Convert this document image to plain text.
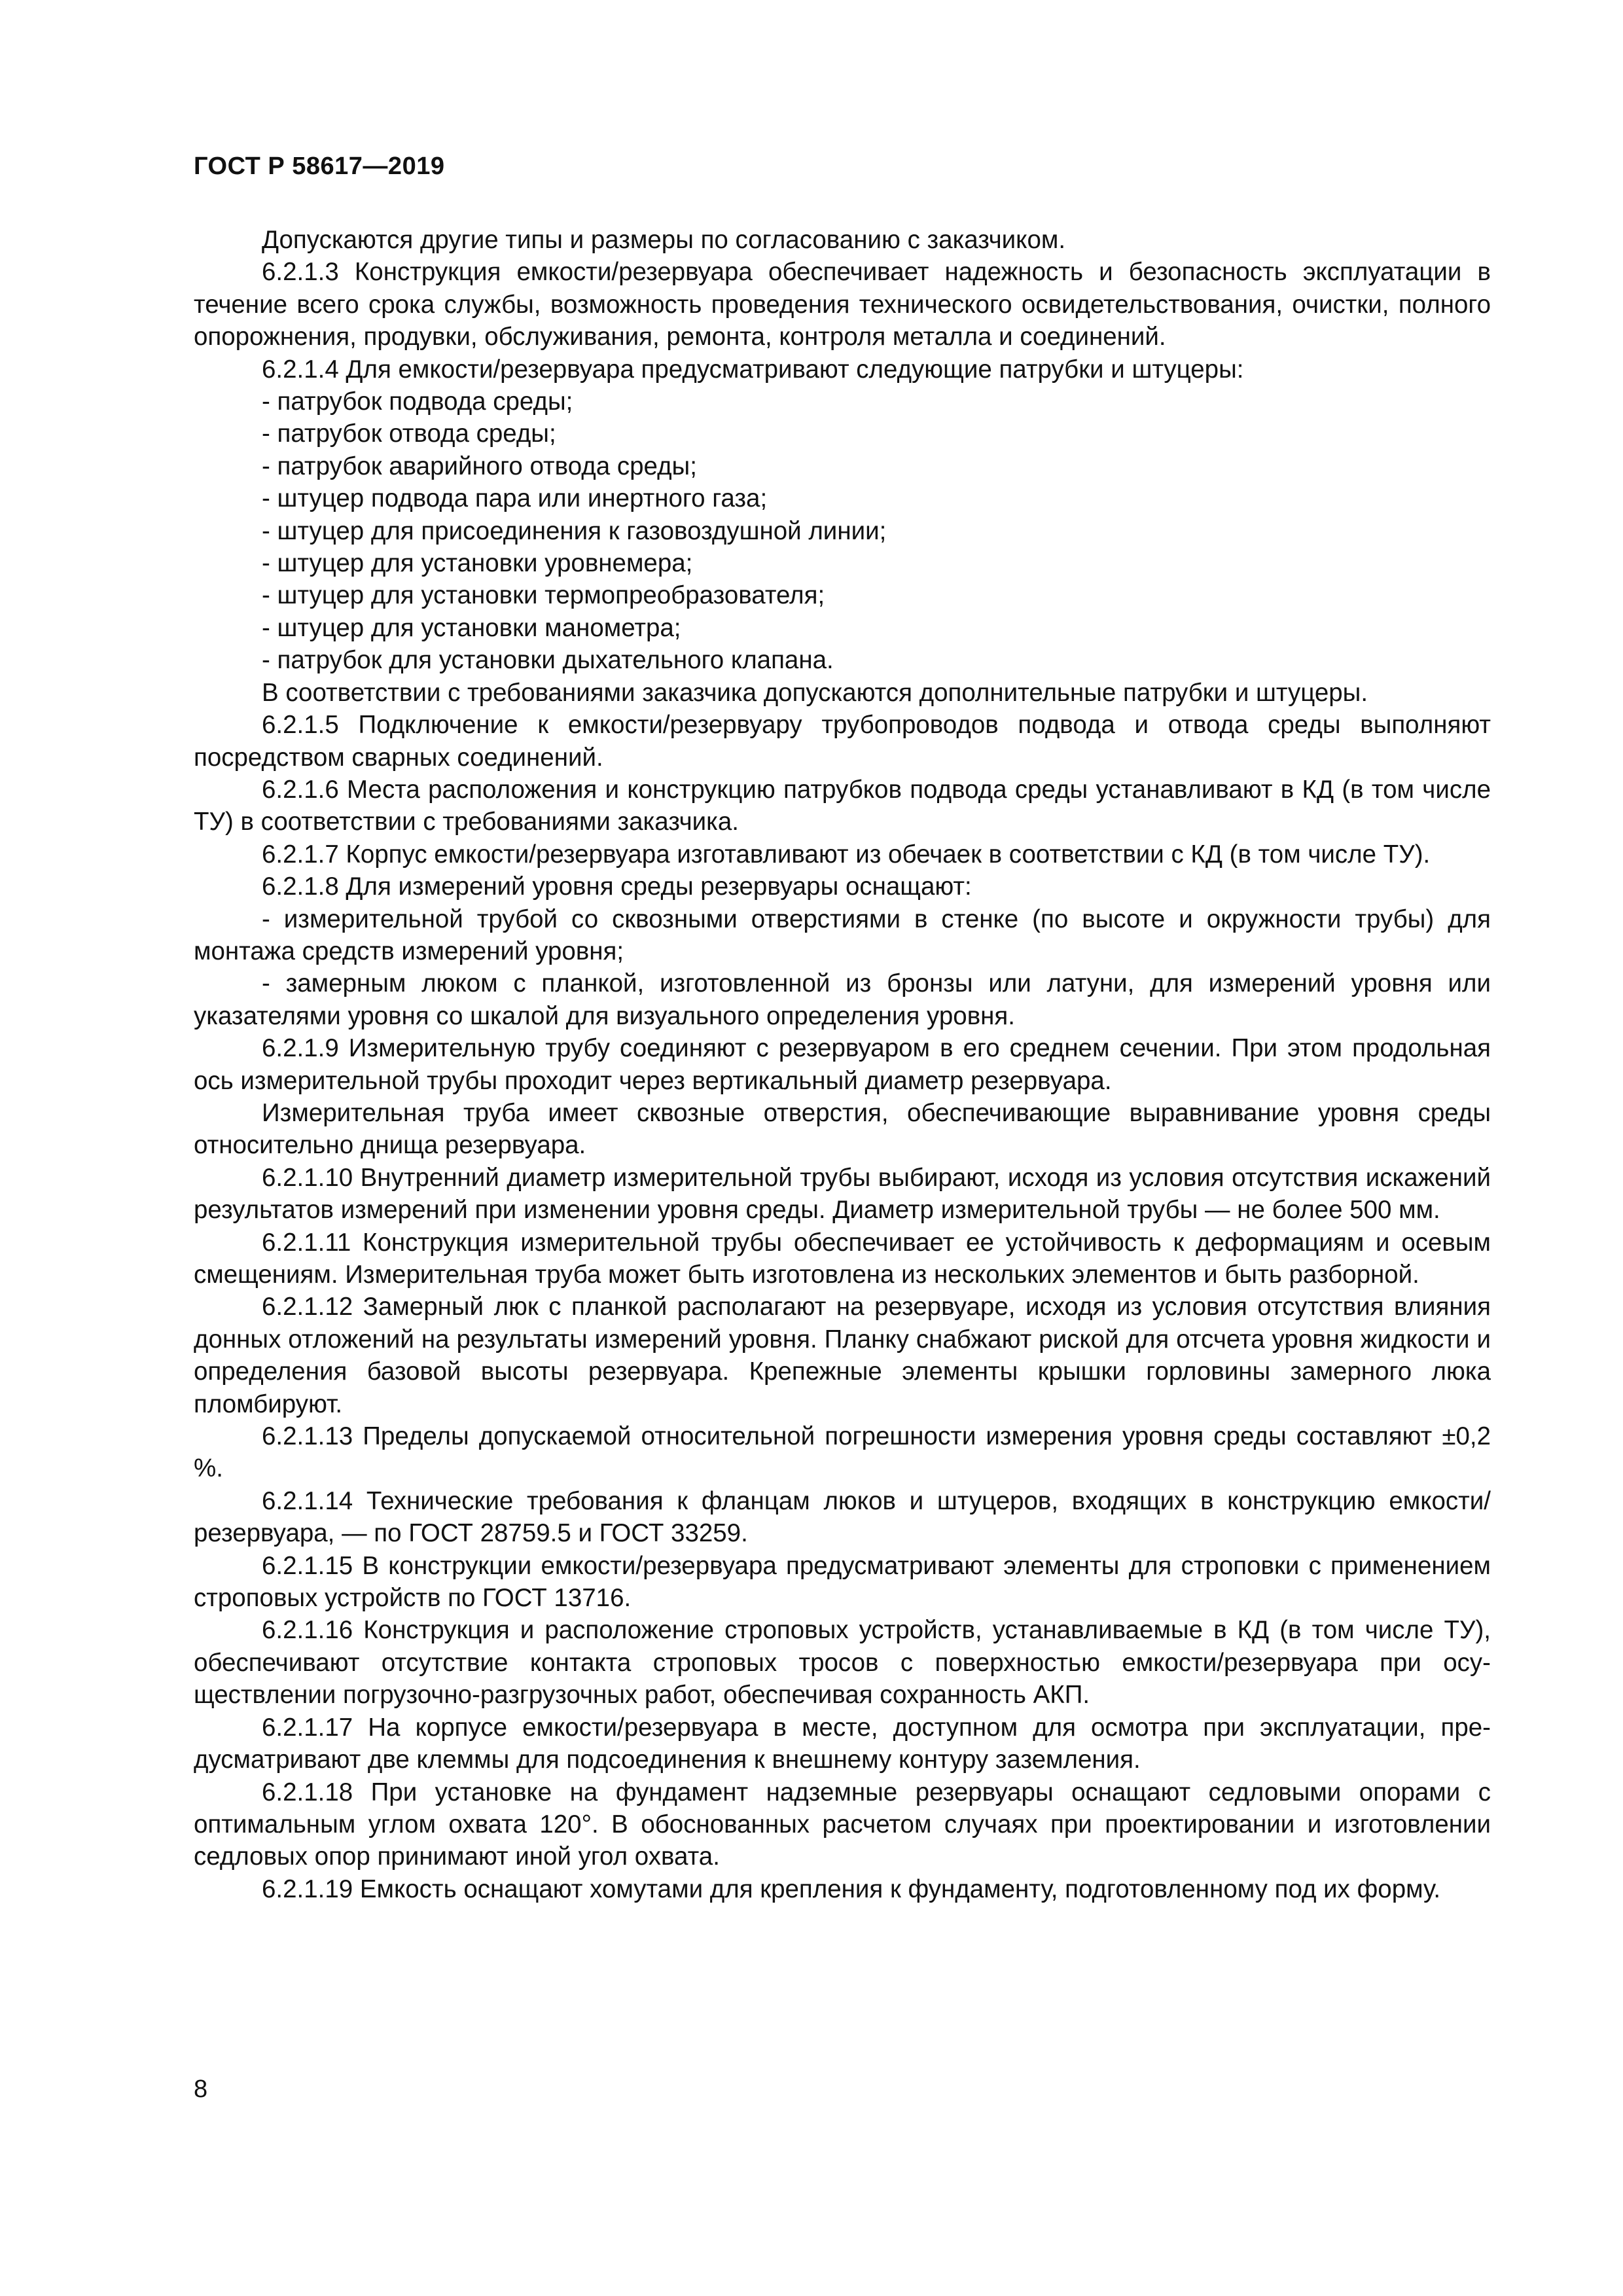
ГОСТ Р 58617—2019

Допускаются другие типы и размеры по согласованию с заказчиком.

6.2.1.3 Конструкция емкости/резервуара обеспечивает надежность и безопасность эксплуатации в течение всего срока службы, возможность проведения технического освидетельствования, очистки, полного опорожнения, продувки, обслуживания, ремонта, контроля металла и соединений.

6.2.1.4 Для емкости/резервуара предусматривают следующие патрубки и штуцеры:

- патрубок подвода среды;

- патрубок отвода среды;

- патрубок аварийного отвода среды;

- штуцер подвода пара или инертного газа;

- штуцер для присоединения к газовоздушной линии;

- штуцер для установки уровнемера;

- штуцер для установки термопреобразователя;

- штуцер для установки манометра;

- патрубок для установки дыхательного клапана.

В соответствии с требованиями заказчика допускаются дополнительные патрубки и штуцеры.

6.2.1.5 Подключение к емкости/резервуару трубопроводов подвода и отвода среды выполняют посредством сварных соединений.

6.2.1.6 Места расположения и конструкцию патрубков подвода среды устанавливают в КД (в том числе ТУ) в соответствии с требованиями заказчика.

6.2.1.7 Корпус емкости/резервуара изготавливают из обечаек в соответствии с КД (в том числе ТУ).

6.2.1.8 Для измерений уровня среды резервуары оснащают:

- измерительной трубой со сквозными отверстиями в стенке (по высоте и окружности трубы) для монтажа средств измерений уровня;

- замерным люком с планкой, изготовленной из бронзы или латуни, для измерений уровня или указателями уровня со шкалой для визуального определения уровня.

6.2.1.9 Измерительную трубу соединяют с резервуаром в его среднем сечении. При этом продольная ось измерительной трубы проходит через вертикальный диаметр резервуара.

Измерительная труба имеет сквозные отверстия, обеспечивающие выравнивание уровня среды относительно днища резервуара.

6.2.1.10 Внутренний диаметр измерительной трубы выбирают, исходя из условия отсутствия искажений результатов измерений при изменении уровня среды. Диаметр измерительной трубы — не более 500 мм.

6.2.1.11 Конструкция измерительной трубы обеспечивает ее устойчивость к деформациям и осевым смещениям. Измерительная труба может быть изготовлена из нескольких элементов и быть разборной.

6.2.1.12 Замерный люк с планкой располагают на резервуаре, исходя из условия отсутствия влияния донных отложений на результаты измерений уровня. Планку снабжают риской для отсчета уровня жидкости и определения базовой высоты резервуара. Крепежные элементы крышки горловины замерного люка пломбируют.

6.2.1.13 Пределы допускаемой относительной погрешности измерения уровня среды составляют ±0,2 %.

6.2.1.14 Технические требования к фланцам люков и штуцеров, входящих в конструкцию емкости/ резервуара, — по ГОСТ 28759.5 и ГОСТ 33259.

6.2.1.15 В конструкции емкости/резервуара предусматривают элементы для строповки с применением строповых устройств по ГОСТ 13716.

6.2.1.16 Конструкция и расположение строповых устройств, устанавливаемые в КД (в том числе ТУ), обеспечивают отсутствие контакта строповых тросов с поверхностью емкости/резервуара при осуществлении погрузочно-разгрузочных работ, обеспечивая сохранность АКП.

6.2.1.17 На корпусе емкости/резервуара в месте, доступном для осмотра при эксплуатации, предусматривают две клеммы для подсоединения к внешнему контуру заземления.

6.2.1.18 При установке на фундамент надземные резервуары оснащают седловыми опорами с оптимальным углом охвата 120°. В обоснованных расчетом случаях при проектировании и изготовлении седловых опор принимают иной угол охвата.

6.2.1.19 Емкость оснащают хомутами для крепления к фундаменту, подготовленному под их форму.

8
